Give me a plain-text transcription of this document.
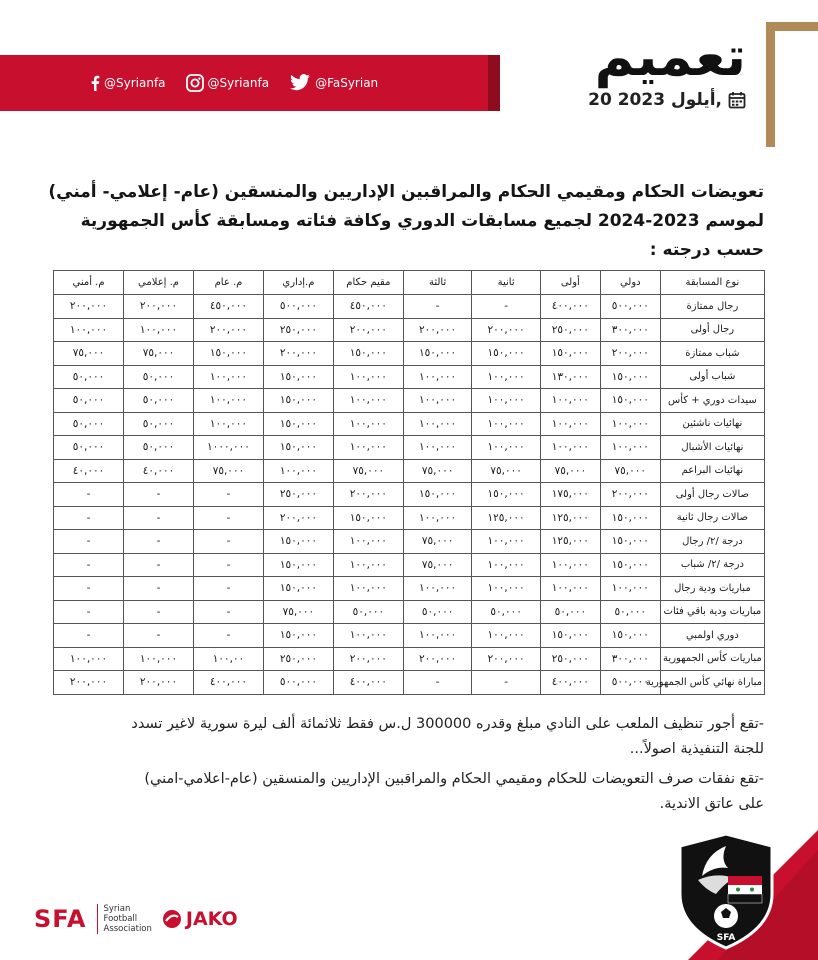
@Syrianfa	@Syrianfa	@FaSyrian	تعميم
20 أيلول 2023,
تعويضات الحكام ومقيمي الحكام والمراقبين الإداريين والمنسقين (عام- إعلامي- أمني)
لموسم 2023-2024 لجميع مسابقات الدوري وكافة فئاته ومسابقة كأس الجمهورية
حسب درجته :
نوع المسابقة	دولي	أولى	ثانية	ثالثة	مقيم حكام	م.إداري	م. عام	م. إعلامي	م. أمني
رجال ممتازة	٥٠٠,٠٠٠	٤٠٠,٠٠٠	-	-	٤٥٠,٠٠٠	٥٠٠,٠٠٠	٤٥٠,٠٠٠	٢٠٠,٠٠٠	٢٠٠,٠٠٠
رجال أولى	٣٠٠,٠٠٠	٢٥٠,٠٠٠	٢٠٠,٠٠٠	٢٠٠,٠٠٠	٢٠٠,٠٠٠	٢٥٠,٠٠٠	٢٠٠,٠٠٠	١٠٠,٠٠٠	١٠٠,٠٠٠
شباب ممتازة	٢٠٠,٠٠٠	١٥٠,٠٠٠	١٥٠,٠٠٠	١٥٠,٠٠٠	١٥٠,٠٠٠	٢٠٠,٠٠٠	١٥٠,٠٠٠	٧٥,٠٠٠	٧٥,٠٠٠
شباب أولى	١٥٠,٠٠٠	١٣٠,٠٠٠	١٠٠,٠٠٠	١٠٠,٠٠٠	١٠٠,٠٠٠	١٥٠,٠٠٠	١٠٠,٠٠٠	٥٠,٠٠٠	٥٠,٠٠٠
سيدات دوري + كأس	١٥٠,٠٠٠	١٠٠,٠٠٠	١٠٠,٠٠٠	١٠٠,٠٠٠	١٠٠,٠٠٠	١٥٠,٠٠٠	١٠٠,٠٠٠	٥٠,٠٠٠	٥٠,٠٠٠
نهائيات ناشئين	١٠٠,٠٠٠	١٠٠,٠٠٠	١٠٠,٠٠٠	١٠٠,٠٠٠	١٠٠,٠٠٠	١٥٠,٠٠٠	١٠٠,٠٠٠	٥٠,٠٠٠	٥٠,٠٠٠
نهائيات الأشبال	١٠٠,٠٠٠	١٠٠,٠٠٠	١٠٠,٠٠٠	١٠٠,٠٠٠	١٠٠,٠٠٠	١٥٠,٠٠٠	١٠٠٠,٠٠٠	٥٠,٠٠٠	٥٠,٠٠٠
نهائيات البراعم	٧٥,٠٠٠	٧٥,٠٠٠	٧٥,٠٠٠	٧٥,٠٠٠	٧٥,٠٠٠	١٠٠,٠٠٠	٧٥,٠٠٠	٤٠,٠٠٠	٤٠,٠٠٠
صالات رجال أولى	٢٠٠,٠٠٠	١٧٥,٠٠٠	١٥٠,٠٠٠	١٥٠,٠٠٠	٢٠٠,٠٠٠	٢٥٠,٠٠٠	-	-	-
صالات رجال ثانية	١٥٠,٠٠٠	١٢٥,٠٠٠	١٢٥,٠٠٠	١٠٠,٠٠٠	١٥٠,٠٠٠	٢٠٠,٠٠٠	-	-	-
درجة /٢/ رجال	١٥٠,٠٠٠	١٢٥,٠٠٠	١٠٠,٠٠٠	٧٥,٠٠٠	١٠٠,٠٠٠	١٥٠,٠٠٠	-	-	-
درجة /٢/ شباب	١٥٠,٠٠٠	١٠٠,٠٠٠	١٠٠,٠٠٠	٧٥,٠٠٠	١٠٠,٠٠٠	١٥٠,٠٠٠	-	-	-
مباريات ودية رجال	١٠٠,٠٠٠	١٠٠,٠٠٠	١٠٠,٠٠٠	١٠٠,٠٠٠	١٠٠,٠٠٠	١٥٠,٠٠٠	-	-	-
مباريات ودية باقي فئات	٥٠,٠٠٠	٥٠,٠٠٠	٥٠,٠٠٠	٥٠,٠٠٠	٥٠,٠٠٠	٧٥,٠٠٠	-	-	-
دوري اولمبي	١٥٠,٠٠٠	١٥٠,٠٠٠	١٠٠,٠٠٠	١٠٠,٠٠٠	١٠٠,٠٠٠	١٥٠,٠٠٠	-	-	-
مباريات كأس الجمهورية	٣٠٠,٠٠٠	٢٥٠,٠٠٠	٢٠٠,٠٠٠	٢٠٠,٠٠٠	٢٠٠,٠٠٠	٢٥٠,٠٠٠	١٠٠,٠٠	١٠٠,٠٠٠	١٠٠,٠٠٠
مباراة نهائي كأس الجمهورية	٥٠٠,٠٠٠	٤٠٠,٠٠٠	-	-	٤٠٠,٠٠٠	٥٠٠,٠٠٠	٤٠٠,٠٠٠	٢٠٠,٠٠٠	٢٠٠,٠٠٠

-تقع أجور تنظيف الملعب على النادي مبلغ وقدره 300000 ل.س فقط ثلاثمائة ألف ليرة سورية لاغير تسدد
للجنة التنفيذية اصولاً...

-تقع نفقات صرف التعويضات للحكام ومقيمي الحكام والمراقبين الإداريين والمنسقين (عام-اعلامي-امني)
على عاتق الاندية.

SFA Syrian
Football
Association JAKO
SFA
